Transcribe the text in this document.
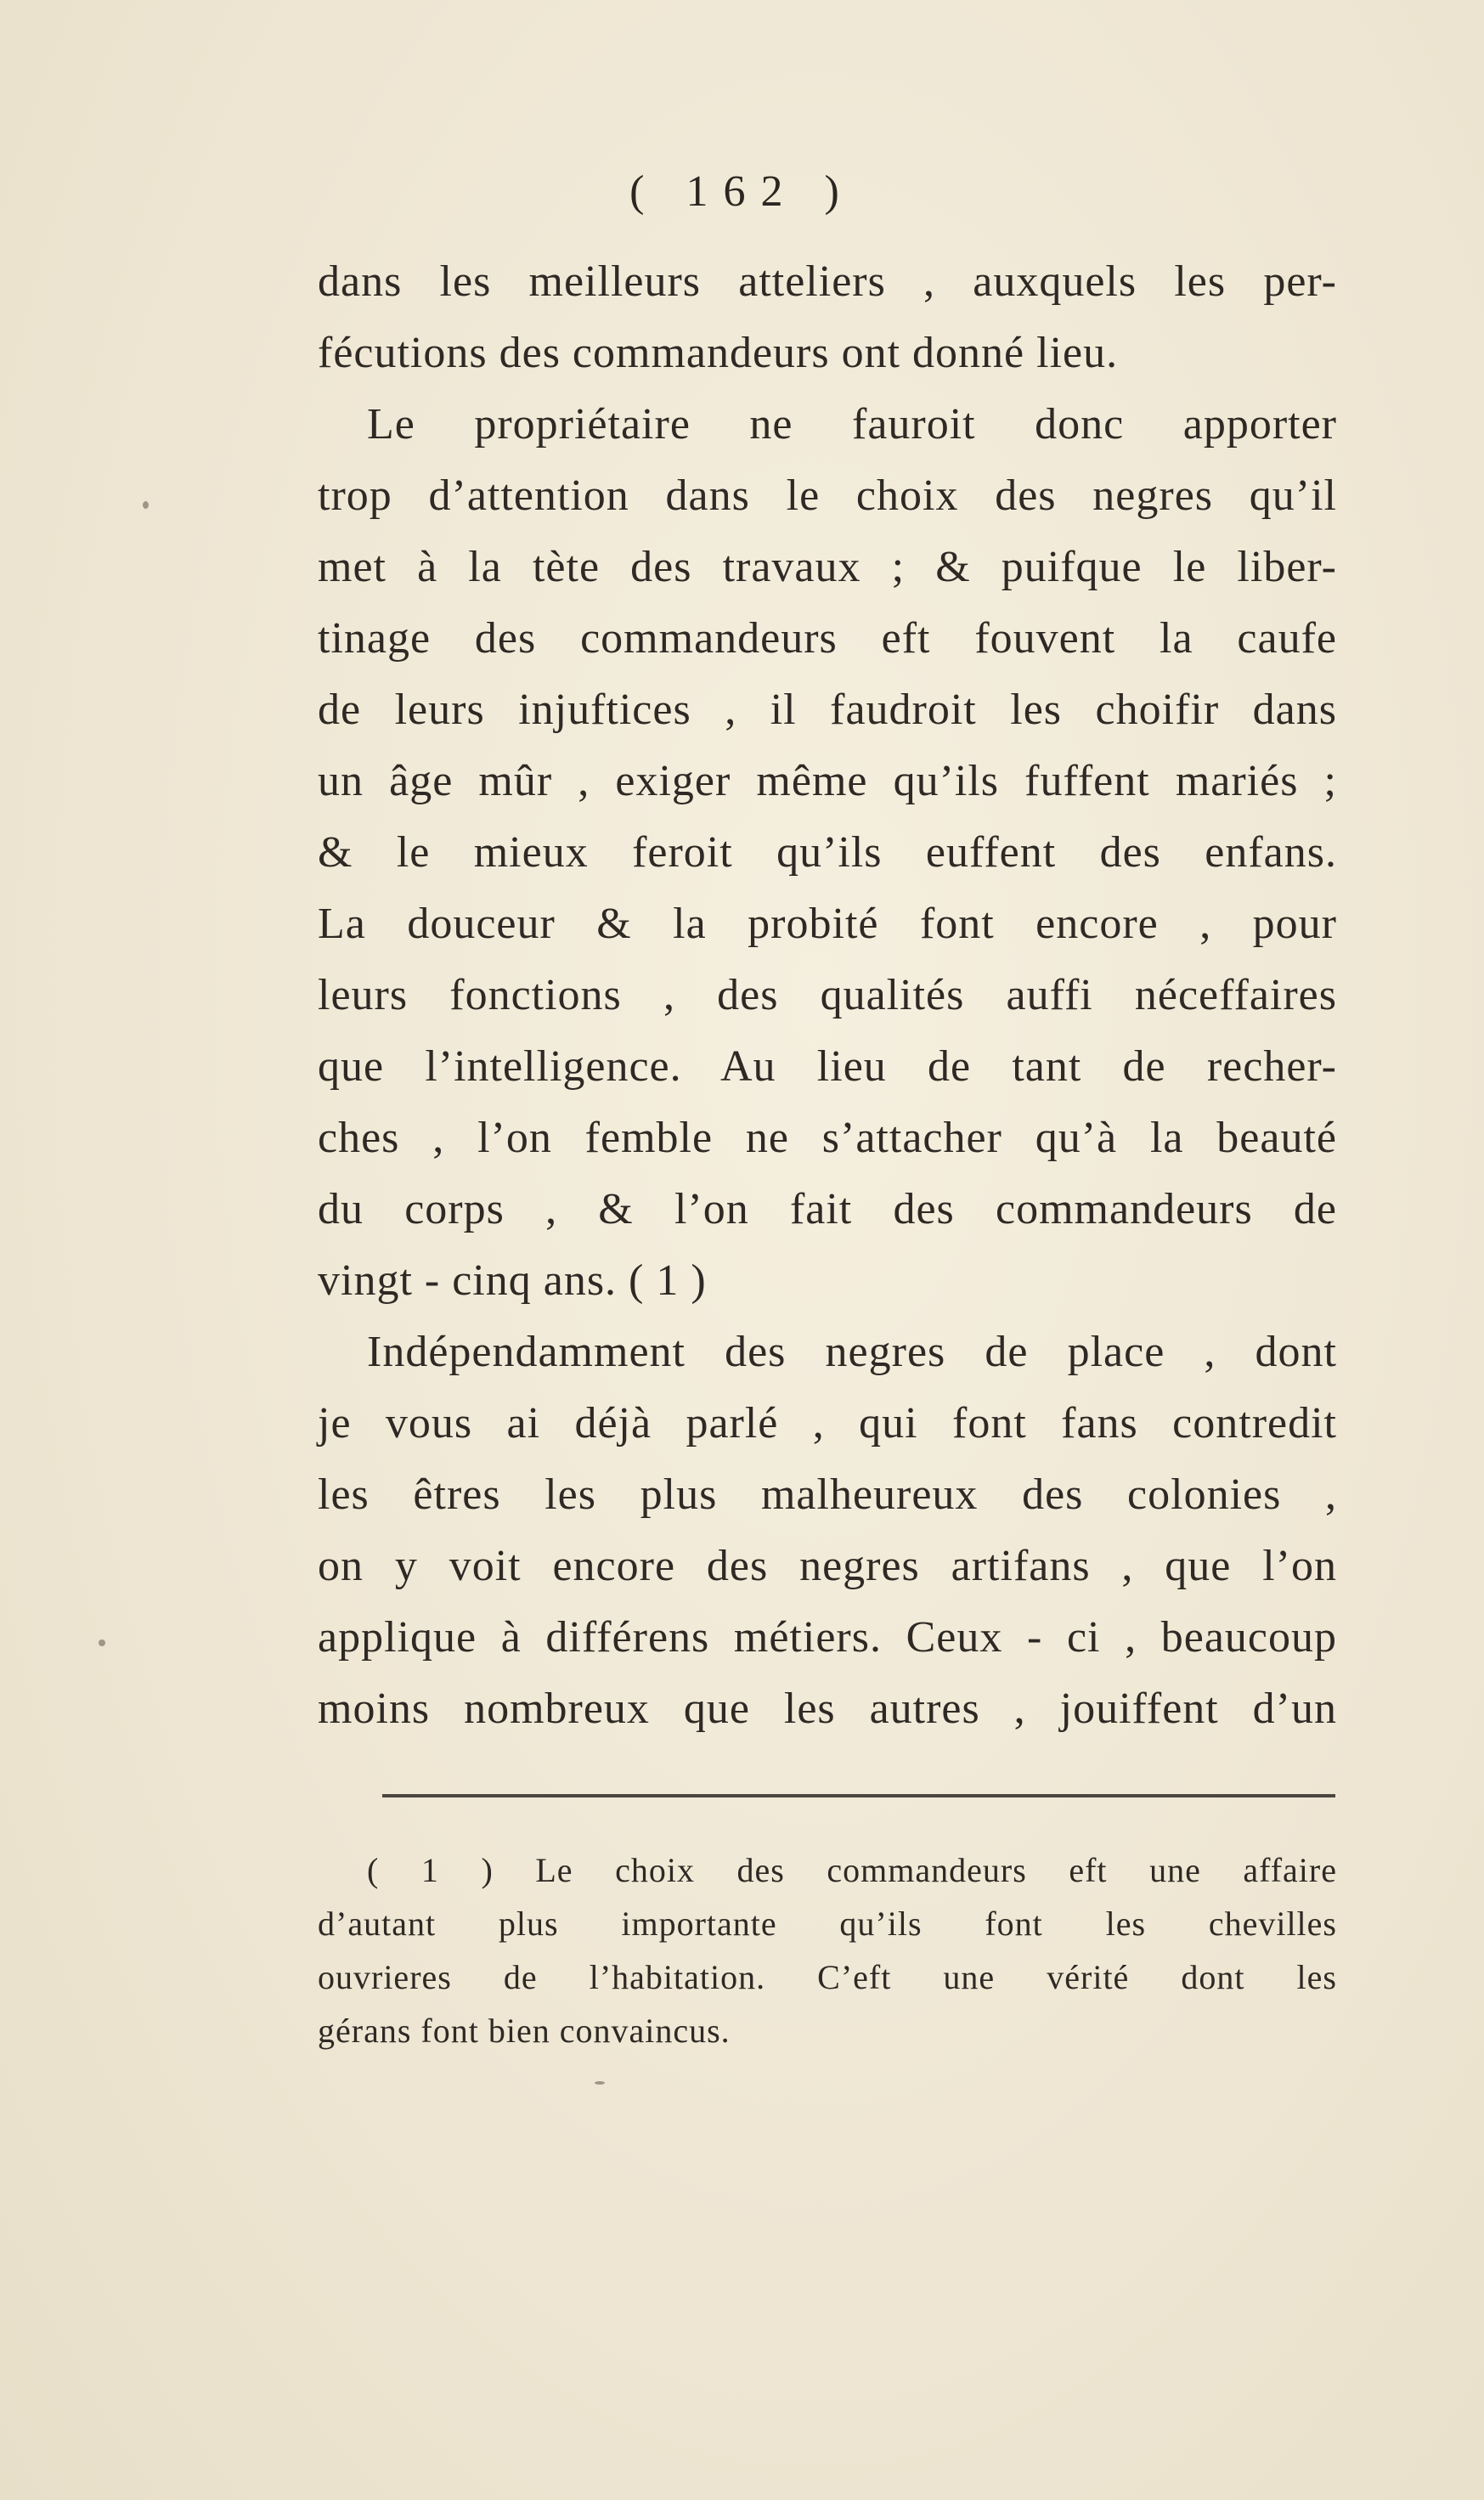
( 162 )
dans les meilleurs atteliers , auxquels les per-
fécutions des commandeurs ont donné lieu.
Le propriétaire ne fauroit donc apporter
trop d’attention dans le choix des negres qu’il
met à la tète des travaux ; & puifque le liber-
tinage des commandeurs eft fouvent la caufe
de leurs injuftices , il faudroit les choifir dans
un âge mûr , exiger même qu’ils fuffent mariés ;
& le mieux feroit qu’ils euffent des enfans.
La douceur & la probité font encore , pour
leurs fonctions , des qualités auffi néceffaires
que l’intelligence. Au lieu de tant de recher-
ches , l’on femble ne s’attacher qu’à la beauté
du corps , & l’on fait des commandeurs de
vingt - cinq ans. ( 1 )
Indépendamment des negres de place , dont
je vous ai déjà parlé , qui font fans contredit
les êtres les plus malheureux des colonies ,
on y voit encore des negres artifans , que l’on
applique à différens métiers. Ceux - ci , beaucoup
moins nombreux que les autres , jouiffent d’un
( 1 ) Le choix des commandeurs eft une affaire
d’autant plus importante qu’ils font les chevilles
ouvrieres de l’habitation. C’eft une vérité dont les
gérans font bien convaincus.
